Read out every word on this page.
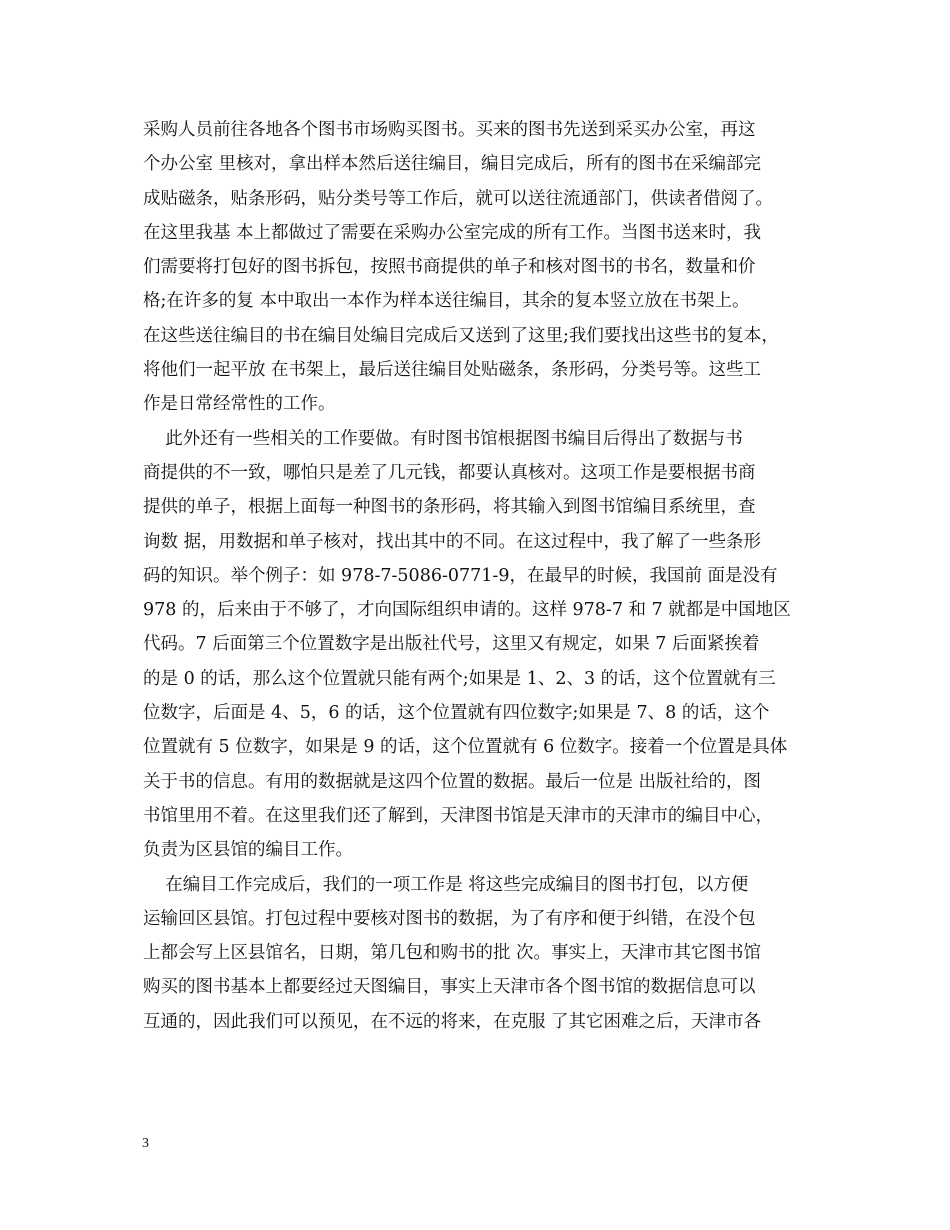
采购人员前往各地各个图书市场购买图书。买来的图书先送到采买办公室，再这
个办公室 里核对，拿出样本然后送往编目，编目完成后，所有的图书在采编部完
成贴磁条，贴条形码，贴分类号等工作后，就可以送往流通部门，供读者借阅了。
在这里我基 本上都做过了需要在采购办公室完成的所有工作。当图书送来时，我
们需要将打包好的图书拆包，按照书商提供的单子和核对图书的书名，数量和价
格;在许多的复 本中取出一本作为样本送往编目，其余的复本竖立放在书架上。
在这些送往编目的书在编目处编目完成后又送到了这里;我们要找出这些书的复本，
将他们一起平放 在书架上，最后送往编目处贴磁条，条形码，分类号等。这些工
作是日常经常性的工作。
此外还有一些相关的工作要做。有时图书馆根据图书编目后得出了数据与书
商提供的不一致，哪怕只是差了几元钱，都要认真核对。这项工作是要根据书商
提供的单子，根据上面每一种图书的条形码，将其输入到图书馆编目系统里，查
询数 据，用数据和单子核对，找出其中的不同。在这过程中，我了解了一些条形
码的知识。举个例子：如 978-7-5086-0771-9，在最早的时候，我国前 面是没有
978 的，后来由于不够了，才向国际组织申请的。这样 978-7 和 7 就都是中国地区
代码。7 后面第三个位置数字是出版社代号，这里又有规定，如果 7 后面紧挨着
的是 0 的话，那么这个位置就只能有两个;如果是 1、2、3 的话，这个位置就有三
位数字，后面是 4、5，6 的话，这个位置就有四位数字;如果是 7、8 的话，这个
位置就有 5 位数字，如果是 9 的话，这个位置就有 6 位数字。接着一个位置是具体
关于书的信息。有用的数据就是这四个位置的数据。最后一位是 出版社给的，图
书馆里用不着。在这里我们还了解到，天津图书馆是天津市的天津市的编目中心，
负责为区县馆的编目工作。
在编目工作完成后，我们的一项工作是 将这些完成编目的图书打包，以方便
运输回区县馆。打包过程中要核对图书的数据，为了有序和便于纠错，在没个包
上都会写上区县馆名，日期，第几包和购书的批 次。事实上，天津市其它图书馆
购买的图书基本上都要经过天图编目，事实上天津市各个图书馆的数据信息可以
互通的，因此我们可以预见，在不远的将来，在克服 了其它困难之后，天津市各
3
